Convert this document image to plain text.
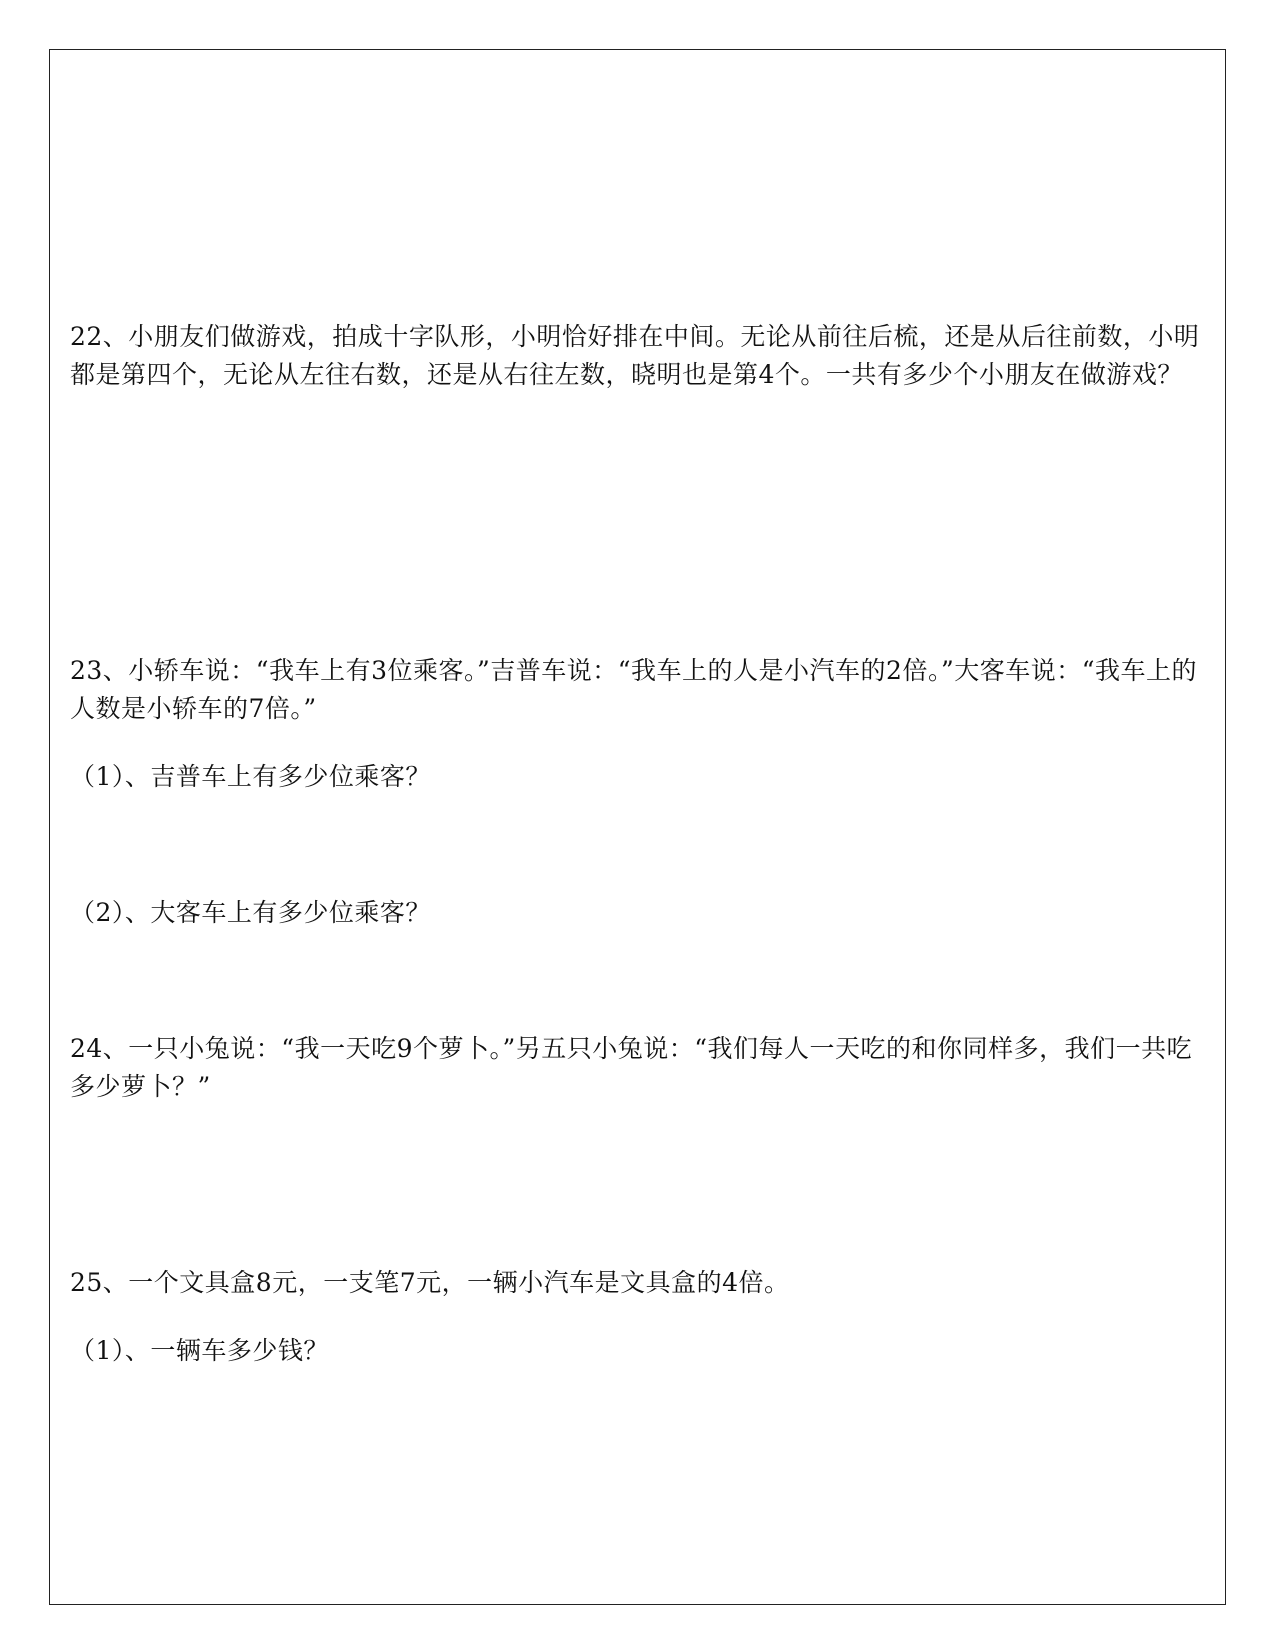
22、小朋友们做游戏，拍成十字队形，小明恰好排在中间。无论从前往后梳，还是从后往前数，小明都是第四个，无论从左往右数，还是从右往左数，晓明也是第4个。一共有多少个小朋友在做游戏？
23、小轿车说：“我车上有3位乘客。”吉普车说：“我车上的人是小汽车的2倍。”大客车说：“我车上的人数是小轿车的7倍。”
（1）、吉普车上有多少位乘客？
（2）、大客车上有多少位乘客？
24、一只小兔说：“我一天吃9个萝卜。”另五只小兔说：“我们每人一天吃的和你同样多，我们一共吃多少萝卜？”
25、一个文具盒8元，一支笔7元，一辆小汽车是文具盒的4倍。
（1）、一辆车多少钱？
